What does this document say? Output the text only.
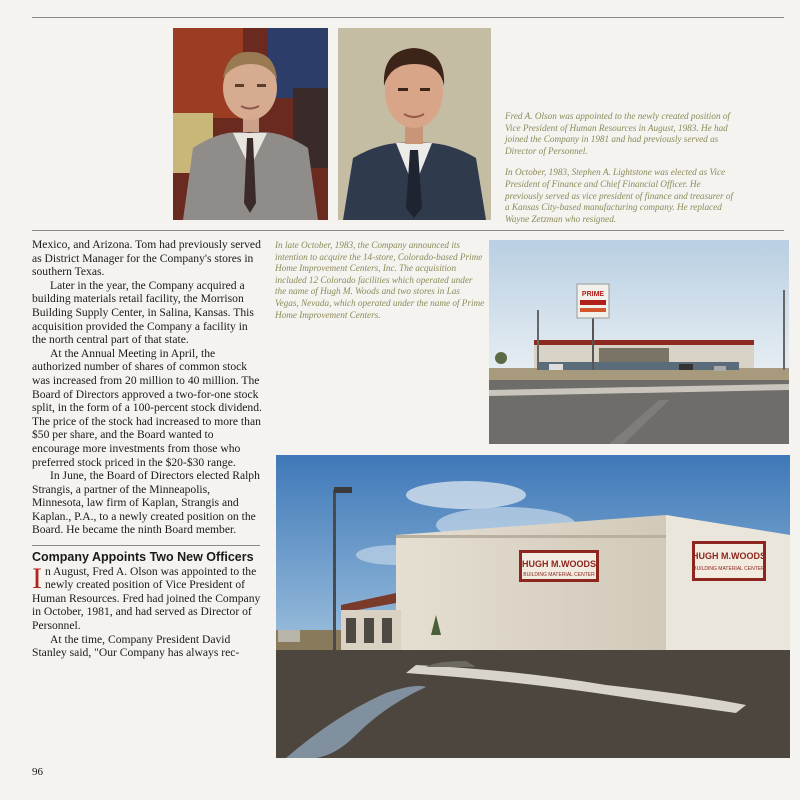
Fred A. Olson was appointed to the newly created position of Vice President of Human Resources in August, 1983. He had joined the Company in 1981 and had previously served as Director of Personnel.

In October, 1983, Stephen A. Lightstone was elected as Vice President of Finance and Chief Financial Officer. He previously served as vice president of finance and treasurer of a Kansas City-based manufacturing company. He replaced Wayne Zetzman who resigned.

Mexico, and Arizona. Tom had previously served as District Manager for the Company's stores in southern Texas.

Later in the year, the Company acquired a building materials retail facility, the Morrison Building Supply Center, in Salina, Kansas. This acquisition provided the Company a facility in the north central part of that state.

At the Annual Meeting in April, the authorized number of shares of common stock was increased from 20 million to 40 million. The Board of Directors approved a two-for-one stock split, in the form of a 100-percent stock dividend. The price of the stock had increased to more than $50 per share, and the Board wanted to encourage more investments from those who preferred stock priced in the $20-$30 range.

In June, the Board of Directors elected Ralph Strangis, a partner of the Minneapolis, Minnesota, law firm of Kaplan, Strangis and Kaplan., P.A., to a newly created position on the Board. He became the ninth Board member.

Company Appoints Two New Officers

In August, Fred A. Olson was appointed to the newly created position of Vice President of Human Resources. Fred had joined the Company in October, 1981, and had served as Director of Personnel.

At the time, Company President David Stanley said, "Our Company has always rec-

In late October, 1983, the Company announced its intention to acquire the 14-store, Colorado-based Prime Home Improvement Centers, Inc. The acquisition included 12 Colorado facilities which operated under the name of Hugh M. Woods and two stores in Las Vegas, Nevada, which operated under the name of Prime Home Improvement Centers.

PRIME
HUGH M.WOODS
BUILDING MATERIAL CENTER
HUGH M.WOODS
BUILDING MATERIAL CENTER
96
